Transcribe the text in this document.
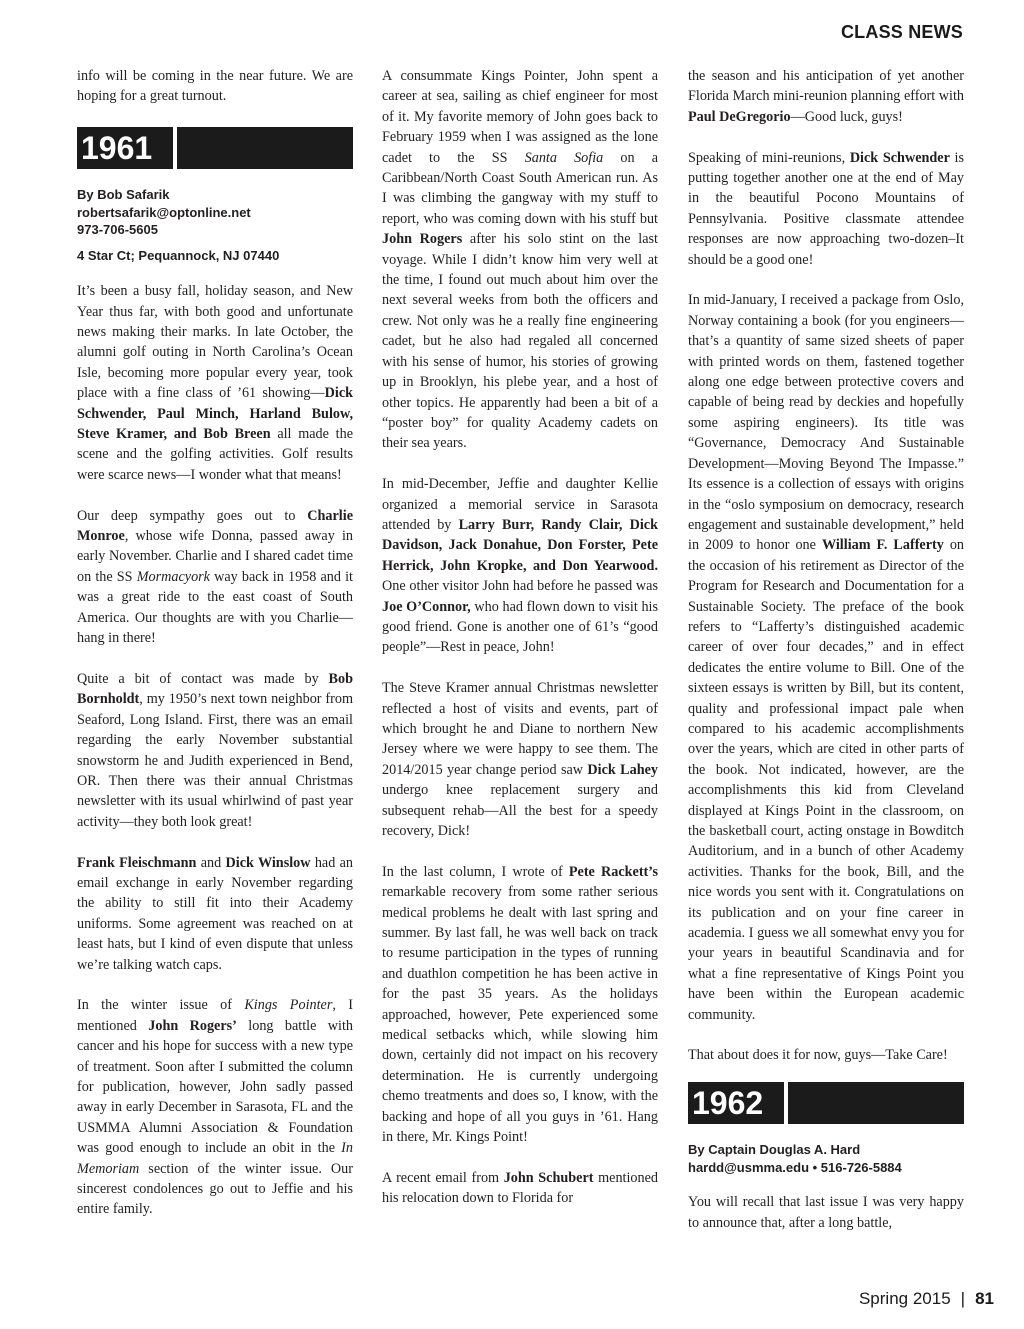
CLASS NEWS

info will be coming in the near future. We are hoping for a great turnout.

1961
By Bob Safarik
robertsafarik@optonline.net
973-706-5605
4 Star Ct; Pequannock, NJ 07440

It’s been a busy fall, holiday season, and New Year thus far, with both good and unfortunate news making their marks. In late October, the alumni golf outing in North Carolina’s Ocean Isle, becoming more popular every year, took place with a fine class of ’61 showing—Dick Schwender, Paul Minch, Harland Bulow, Steve Kramer, and Bob Breen all made the scene and the golfing activities. Golf results were scarce news—I wonder what that means!

Our deep sympathy goes out to Charlie Monroe, whose wife Donna, passed away in early November. Charlie and I shared cadet time on the SS Mormacyork way back in 1958 and it was a great ride to the east coast of South America. Our thoughts are with you Charlie—hang in there!

Quite a bit of contact was made by Bob Bornholdt, my 1950’s next town neighbor from Seaford, Long Island. First, there was an email regarding the early November substantial snowstorm he and Judith experienced in Bend, OR. Then there was their annual Christmas newsletter with its usual whirlwind of past year activity—they both look great!

Frank Fleischmann and Dick Winslow had an email exchange in early November regarding the ability to still fit into their Academy uniforms. Some agreement was reached on at least hats, but I kind of even dispute that unless we’re talking watch caps.

In the winter issue of Kings Pointer, I mentioned John Rogers’ long battle with cancer and his hope for success with a new type of treatment. Soon after I submitted the column for publication, however, John sadly passed away in early December in Sarasota, FL and the USMMA Alumni Association & Foundation was good enough to include an obit in the In Memoriam section of the winter issue. Our sincerest condolences go out to Jeffie and his entire family.

A consummate Kings Pointer, John spent a career at sea, sailing as chief engineer for most of it. My favorite memory of John goes back to February 1959 when I was assigned as the lone cadet to the SS Santa Sofia on a Caribbean/North Coast South American run. As I was climbing the gangway with my stuff to report, who was coming down with his stuff but John Rogers after his solo stint on the last voyage. While I didn’t know him very well at the time, I found out much about him over the next several weeks from both the officers and crew. Not only was he a really fine engineering cadet, but he also had regaled all concerned with his sense of humor, his stories of growing up in Brooklyn, his plebe year, and a host of other topics. He apparently had been a bit of a “poster boy” for quality Academy cadets on their sea years.

In mid-December, Jeffie and daughter Kellie organized a memorial service in Sarasota attended by Larry Burr, Randy Clair, Dick Davidson, Jack Donahue, Don Forster, Pete Herrick, John Kropke, and Don Yearwood. One other visitor John had before he passed was Joe O’Connor, who had flown down to visit his good friend. Gone is another one of 61’s “good people”—Rest in peace, John!

The Steve Kramer annual Christmas newsletter reflected a host of visits and events, part of which brought he and Diane to northern New Jersey where we were happy to see them. The 2014/2015 year change period saw Dick Lahey undergo knee replacement surgery and subsequent rehab—All the best for a speedy recovery, Dick!

In the last column, I wrote of Pete Rackett’s remarkable recovery from some rather serious medical problems he dealt with last spring and summer. By last fall, he was well back on track to resume participation in the types of running and duathlon competition he has been active in for the past 35 years. As the holidays approached, however, Pete experienced some medical setbacks which, while slowing him down, certainly did not impact on his recovery determination. He is currently undergoing chemo treatments and does so, I know, with the backing and hope of all you guys in ’61. Hang in there, Mr. Kings Point!

A recent email from John Schubert mentioned his relocation down to Florida for

the season and his anticipation of yet another Florida March mini-reunion planning effort with Paul DeGregorio—Good luck, guys!

Speaking of mini-reunions, Dick Schwender is putting together another one at the end of May in the beautiful Pocono Mountains of Pennsylvania. Positive classmate attendee responses are now approaching two-dozen–It should be a good one!

In mid-January, I received a package from Oslo, Norway containing a book (for you engineers—that’s a quantity of same sized sheets of paper with printed words on them, fastened together along one edge between protective covers and capable of being read by deckies and hopefully some aspiring engineers). Its title was “Governance, Democracy And Sustainable Development—Moving Beyond The Impasse.” Its essence is a collection of essays with origins in the “oslo symposium on democracy, research engagement and sustainable development,” held in 2009 to honor one William F. Lafferty on the occasion of his retirement as Director of the Program for Research and Documentation for a Sustainable Society. The preface of the book refers to “Lafferty’s distinguished academic career of over four decades,” and in effect dedicates the entire volume to Bill. One of the sixteen essays is written by Bill, but its content, quality and professional impact pale when compared to his academic accomplishments over the years, which are cited in other parts of the book. Not indicated, however, are the accomplishments this kid from Cleveland displayed at Kings Point in the classroom, on the basketball court, acting onstage in Bowditch Auditorium, and in a bunch of other Academy activities. Thanks for the book, Bill, and the nice words you sent with it. Congratulations on its publication and on your fine career in academia. I guess we all somewhat envy you for your years in beautiful Scandinavia and for what a fine representative of Kings Point you have been within the European academic community.

That about does it for now, guys—Take Care!

1962
By Captain Douglas A. Hard
hardd@usmma.edu • 516-726-5884

You will recall that last issue I was very happy to announce that, after a long battle,

Spring 2015 | 81
